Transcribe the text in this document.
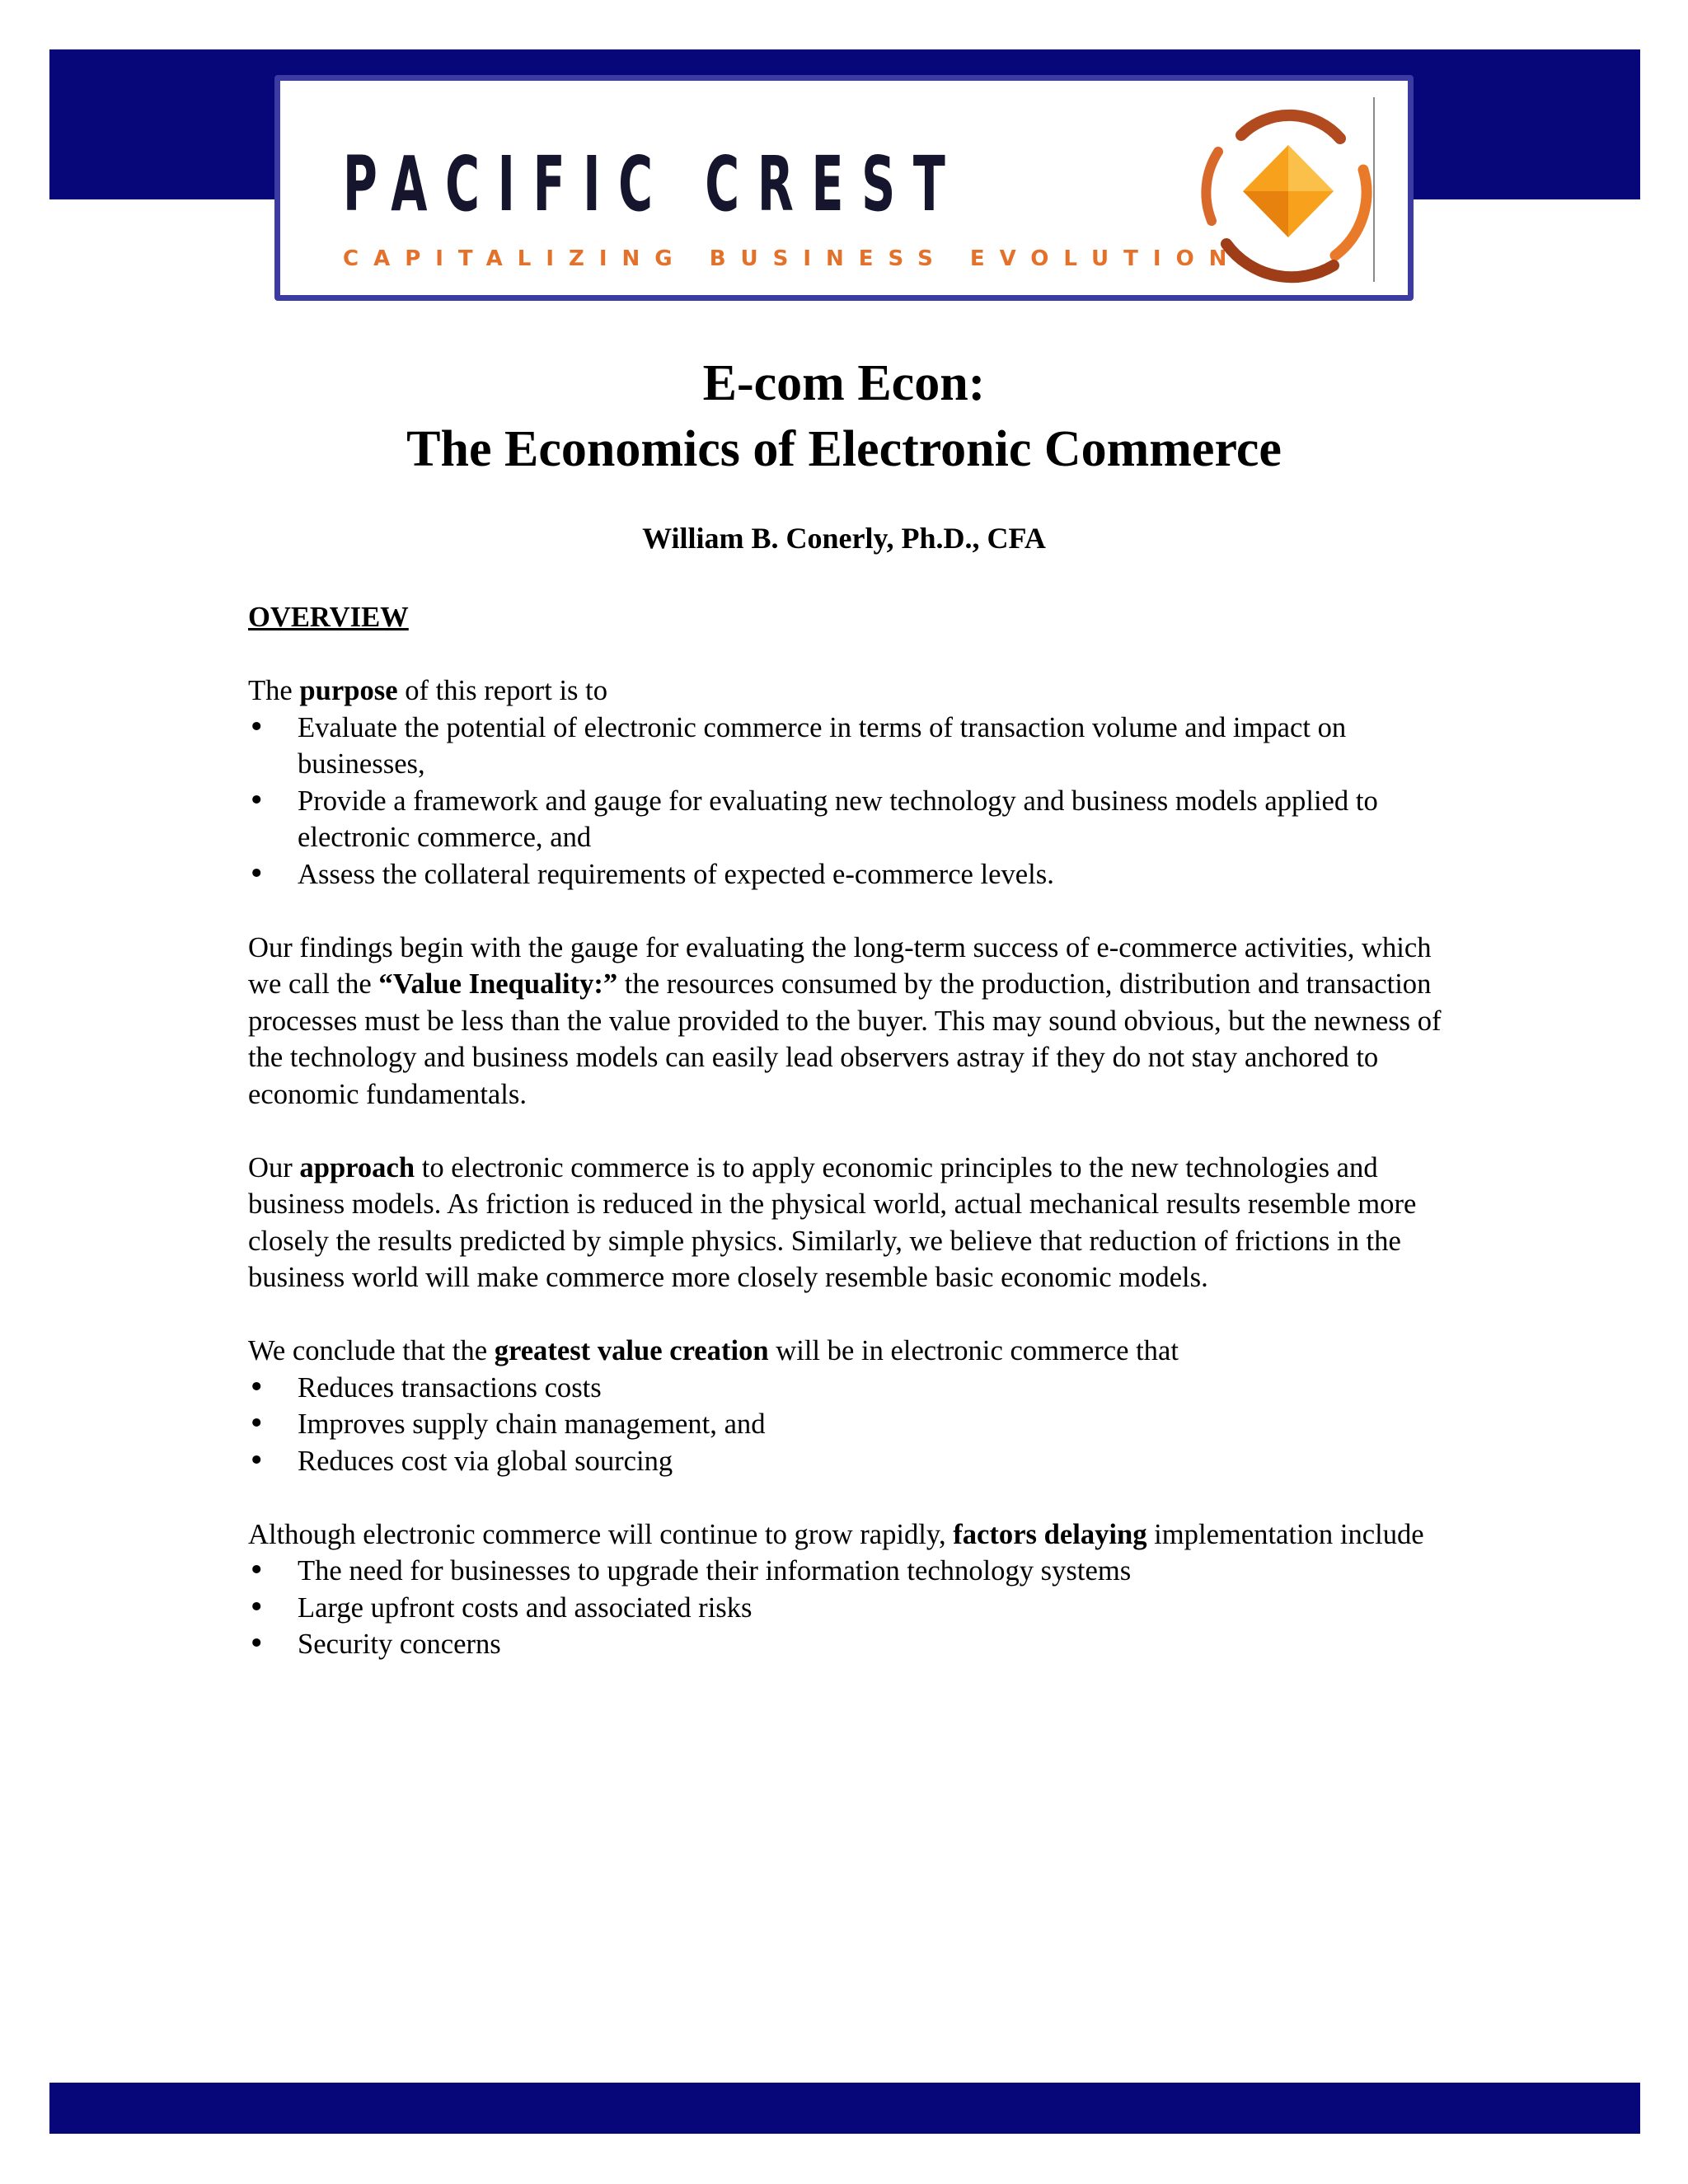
PACIFIC CREST
CAPITALIZING BUSINESS EVOLUTION
E-com Econ:
The Economics of Electronic Commerce

William B. Conerly, Ph.D., CFA

OVERVIEW

The purpose of this report is to

• Evaluate the potential of electronic commerce in terms of transaction volume and impact on businesses,
• Provide a framework and gauge for evaluating new technology and business models applied to electronic commerce, and
• Assess the collateral requirements of expected e-commerce levels.

Our findings begin with the gauge for evaluating the long-term success of e-commerce activities, which we call the “Value Inequality:” the resources consumed by the production, distribution and transaction processes must be less than the value provided to the buyer. This may sound obvious, but the newness of the technology and business models can easily lead observers astray if they do not stay anchored to economic fundamentals.

Our approach to electronic commerce is to apply economic principles to the new technologies and business models. As friction is reduced in the physical world, actual mechanical results resemble more closely the results predicted by simple physics. Similarly, we believe that reduction of frictions in the business world will make commerce more closely resemble basic economic models.

We conclude that the greatest value creation will be in electronic commerce that

• Reduces transactions costs
• Improves supply chain management, and
• Reduces cost via global sourcing

Although electronic commerce will continue to grow rapidly, factors delaying implementation include

• The need for businesses to upgrade their information technology systems
• Large upfront costs and associated risks
• Security concerns
